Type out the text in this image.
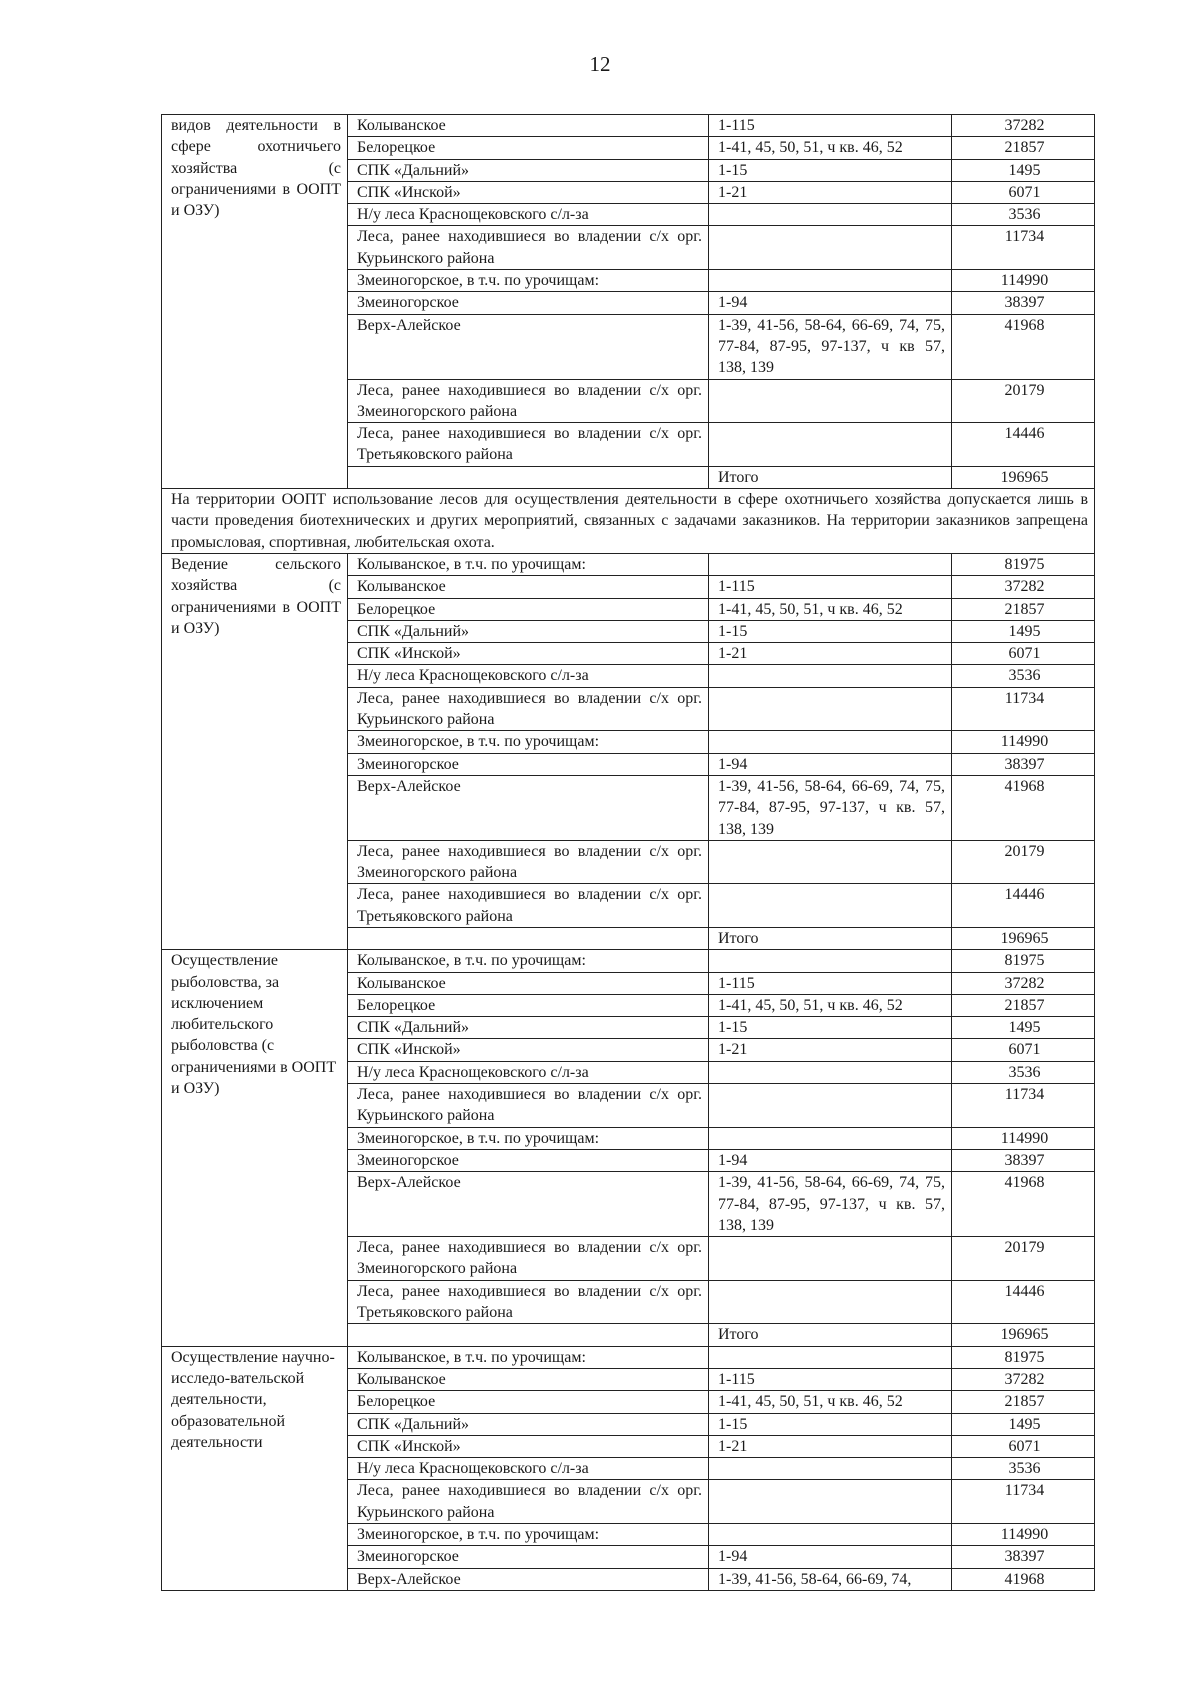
12
видов деятельности в сфере охотничьего хозяйства (с ограничениями в ООПТ и ОЗУ)	Колыванское	1-115	37282
	Белорецкое	1-41, 45, 50, 51, ч кв. 46, 52	21857
	СПК «Дальний»	1-15	1495
	СПК «Инской»	1-21	6071
	Н/у леса Краснощековского с/л-за		3536
	Леса, ранее находившиеся во владении с/х орг. Курьинского района		11734
	Змеиногорское, в т.ч. по урочищам:		114990
	Змеиногорское	1-94	38397
	Верх-Алейское	1-39, 41-56, 58-64, 66-69, 74, 75, 77-84, 87-95, 97-137, ч кв 57, 138, 139	41968
	Леса, ранее находившиеся во владении с/х орг. Змеиногорского района		20179
	Леса, ранее находившиеся во владении с/х орг. Третьяковского района		14446
		Итого	196965
На территории ООПТ использование лесов для осуществления деятельности в сфере охотничьего хозяйства допускается лишь в части проведения биотехнических и других мероприятий, связанных с задачами заказников. На территории заказников запрещена промысловая, спортивная, любительская охота.			
Ведение сельского хозяйства (с ограничениями в ООПТ и ОЗУ)	Колыванское, в т.ч. по урочищам:		81975
	Колыванское	1-115	37282
	Белорецкое	1-41, 45, 50, 51, ч кв. 46, 52	21857
	СПК «Дальний»	1-15	1495
	СПК «Инской»	1-21	6071
	Н/у леса Краснощековского с/л-за		3536
	Леса, ранее находившиеся во владении с/х орг. Курьинского района		11734
	Змеиногорское, в т.ч. по урочищам:		114990
	Змеиногорское	1-94	38397
	Верх-Алейское	1-39, 41-56, 58-64, 66-69, 74, 75, 77-84, 87-95, 97-137, ч кв. 57, 138, 139	41968
	Леса, ранее находившиеся во владении с/х орг. Змеиногорского района		20179
	Леса, ранее находившиеся во владении с/х орг. Третьяковского района		14446
		Итого	196965
Осуществление рыболовства, за исключением любительского рыболовства (с ограничениями в ООПТ и ОЗУ)	Колыванское, в т.ч. по урочищам:		81975
	Колыванское	1-115	37282
	Белорецкое	1-41, 45, 50, 51, ч кв. 46, 52	21857
	СПК «Дальний»	1-15	1495
	СПК «Инской»	1-21	6071
	Н/у леса Краснощековского с/л-за		3536
	Леса, ранее находившиеся во владении с/х орг. Курьинского района		11734
	Змеиногорское, в т.ч. по урочищам:		114990
	Змеиногорское	1-94	38397
	Верх-Алейское	1-39, 41-56, 58-64, 66-69, 74, 75, 77-84, 87-95, 97-137, ч кв. 57, 138, 139	41968
	Леса, ранее находившиеся во владении с/х орг. Змеиногорского района		20179
	Леса, ранее находившиеся во владении с/х орг. Третьяковского района		14446
		Итого	196965
Осуществление научно-исследо-вательской деятельности, образовательной деятельности	Колыванское, в т.ч. по урочищам:		81975
	Колыванское	1-115	37282
	Белорецкое	1-41, 45, 50, 51, ч кв. 46, 52	21857
	СПК «Дальний»	1-15	1495
	СПК «Инской»	1-21	6071
	Н/у леса Краснощековского с/л-за		3536
	Леса, ранее находившиеся во владении с/х орг. Курьинского района		11734
	Змеиногорское, в т.ч. по урочищам:		114990
	Змеиногорское	1-94	38397
	Верх-Алейское	1-39, 41-56, 58-64, 66-69, 74,	41968
